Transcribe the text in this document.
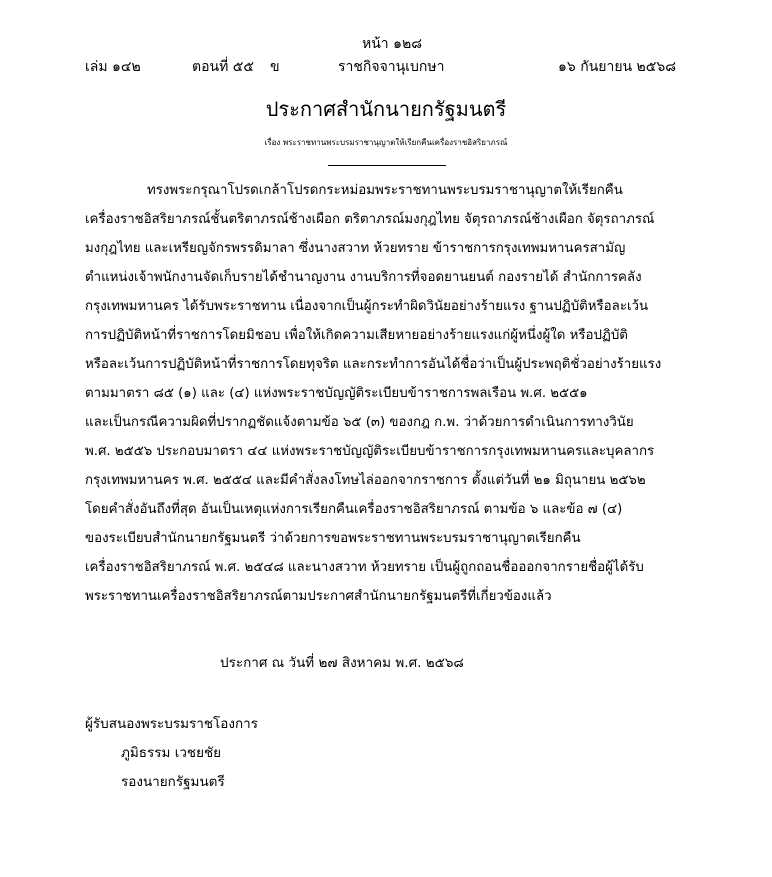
หน้า ๑๒๘
เล่ม ๑๔๒	ตอนที่ ๕๕ ข	ราชกิจจานุเบกษา	๑๖ กันยายน ๒๕๖๘
ประกาศสำนักนายกรัฐมนตรี
เรื่อง พระราชทานพระบรมราชานุญาตให้เรียกคืนเครื่องราชอิสริยาภรณ์
ทรงพระกรุณาโปรดเกล้าโปรดกระหม่อมพระราชทานพระบรมราชานุญาตให้เรียกคืน
เครื่องราชอิสริยาภรณ์ชั้นตริตาภรณ์ช้างเผือก ตริตาภรณ์มงกุฎไทย จัตุรถาภรณ์ช้างเผือก จัตุรถาภรณ์
มงกุฎไทย และเหรียญจักรพรรดิมาลา ซึ่งนางสวาท ห้วยทราย ข้าราชการกรุงเทพมหานครสามัญ
ตำแหน่งเจ้าพนักงานจัดเก็บรายได้ชำนาญงาน งานบริการที่จอดยานยนต์ กองรายได้ สำนักการคลัง
กรุงเทพมหานคร ได้รับพระราชทาน เนื่องจากเป็นผู้กระทำผิดวินัยอย่างร้ายแรง ฐานปฏิบัติหรือละเว้น
การปฏิบัติหน้าที่ราชการโดยมิชอบ เพื่อให้เกิดความเสียหายอย่างร้ายแรงแก่ผู้หนึ่งผู้ใด หรือปฏิบัติ
หรือละเว้นการปฏิบัติหน้าที่ราชการโดยทุจริต และกระทำการอันได้ชื่อว่าเป็นผู้ประพฤติชั่วอย่างร้ายแรง
ตามมาตรา ๘๕ (๑) และ (๔) แห่งพระราชบัญญัติระเบียบข้าราชการพลเรือน พ.ศ. ๒๕๕๑
และเป็นกรณีความผิดที่ปรากฏชัดแจ้งตามข้อ ๖๕ (๓) ของกฎ ก.พ. ว่าด้วยการดำเนินการทางวินัย
พ.ศ. ๒๕๕๖ ประกอบมาตรา ๔๔ แห่งพระราชบัญญัติระเบียบข้าราชการกรุงเทพมหานครและบุคลากร
กรุงเทพมหานคร พ.ศ. ๒๕๕๔ และมีคำสั่งลงโทษไล่ออกจากราชการ ตั้งแต่วันที่ ๒๑ มิถุนายน ๒๕๖๒
โดยคำสั่งอันถึงที่สุด อันเป็นเหตุแห่งการเรียกคืนเครื่องราชอิสริยาภรณ์ ตามข้อ ๖ และข้อ ๗ (๔)
ของระเบียบสำนักนายกรัฐมนตรี ว่าด้วยการขอพระราชทานพระบรมราชานุญาตเรียกคืน
เครื่องราชอิสริยาภรณ์ พ.ศ. ๒๕๔๘ และนางสวาท ห้วยทราย เป็นผู้ถูกถอนชื่อออกจากรายชื่อผู้ได้รับ
พระราชทานเครื่องราชอิสริยาภรณ์ตามประกาศสำนักนายกรัฐมนตรีที่เกี่ยวข้องแล้ว
ประกาศ ณ วันที่ ๒๗ สิงหาคม พ.ศ. ๒๕๖๘
ผู้รับสนองพระบรมราชโองการ
ภูมิธรรม เวชยชัย
รองนายกรัฐมนตรี
